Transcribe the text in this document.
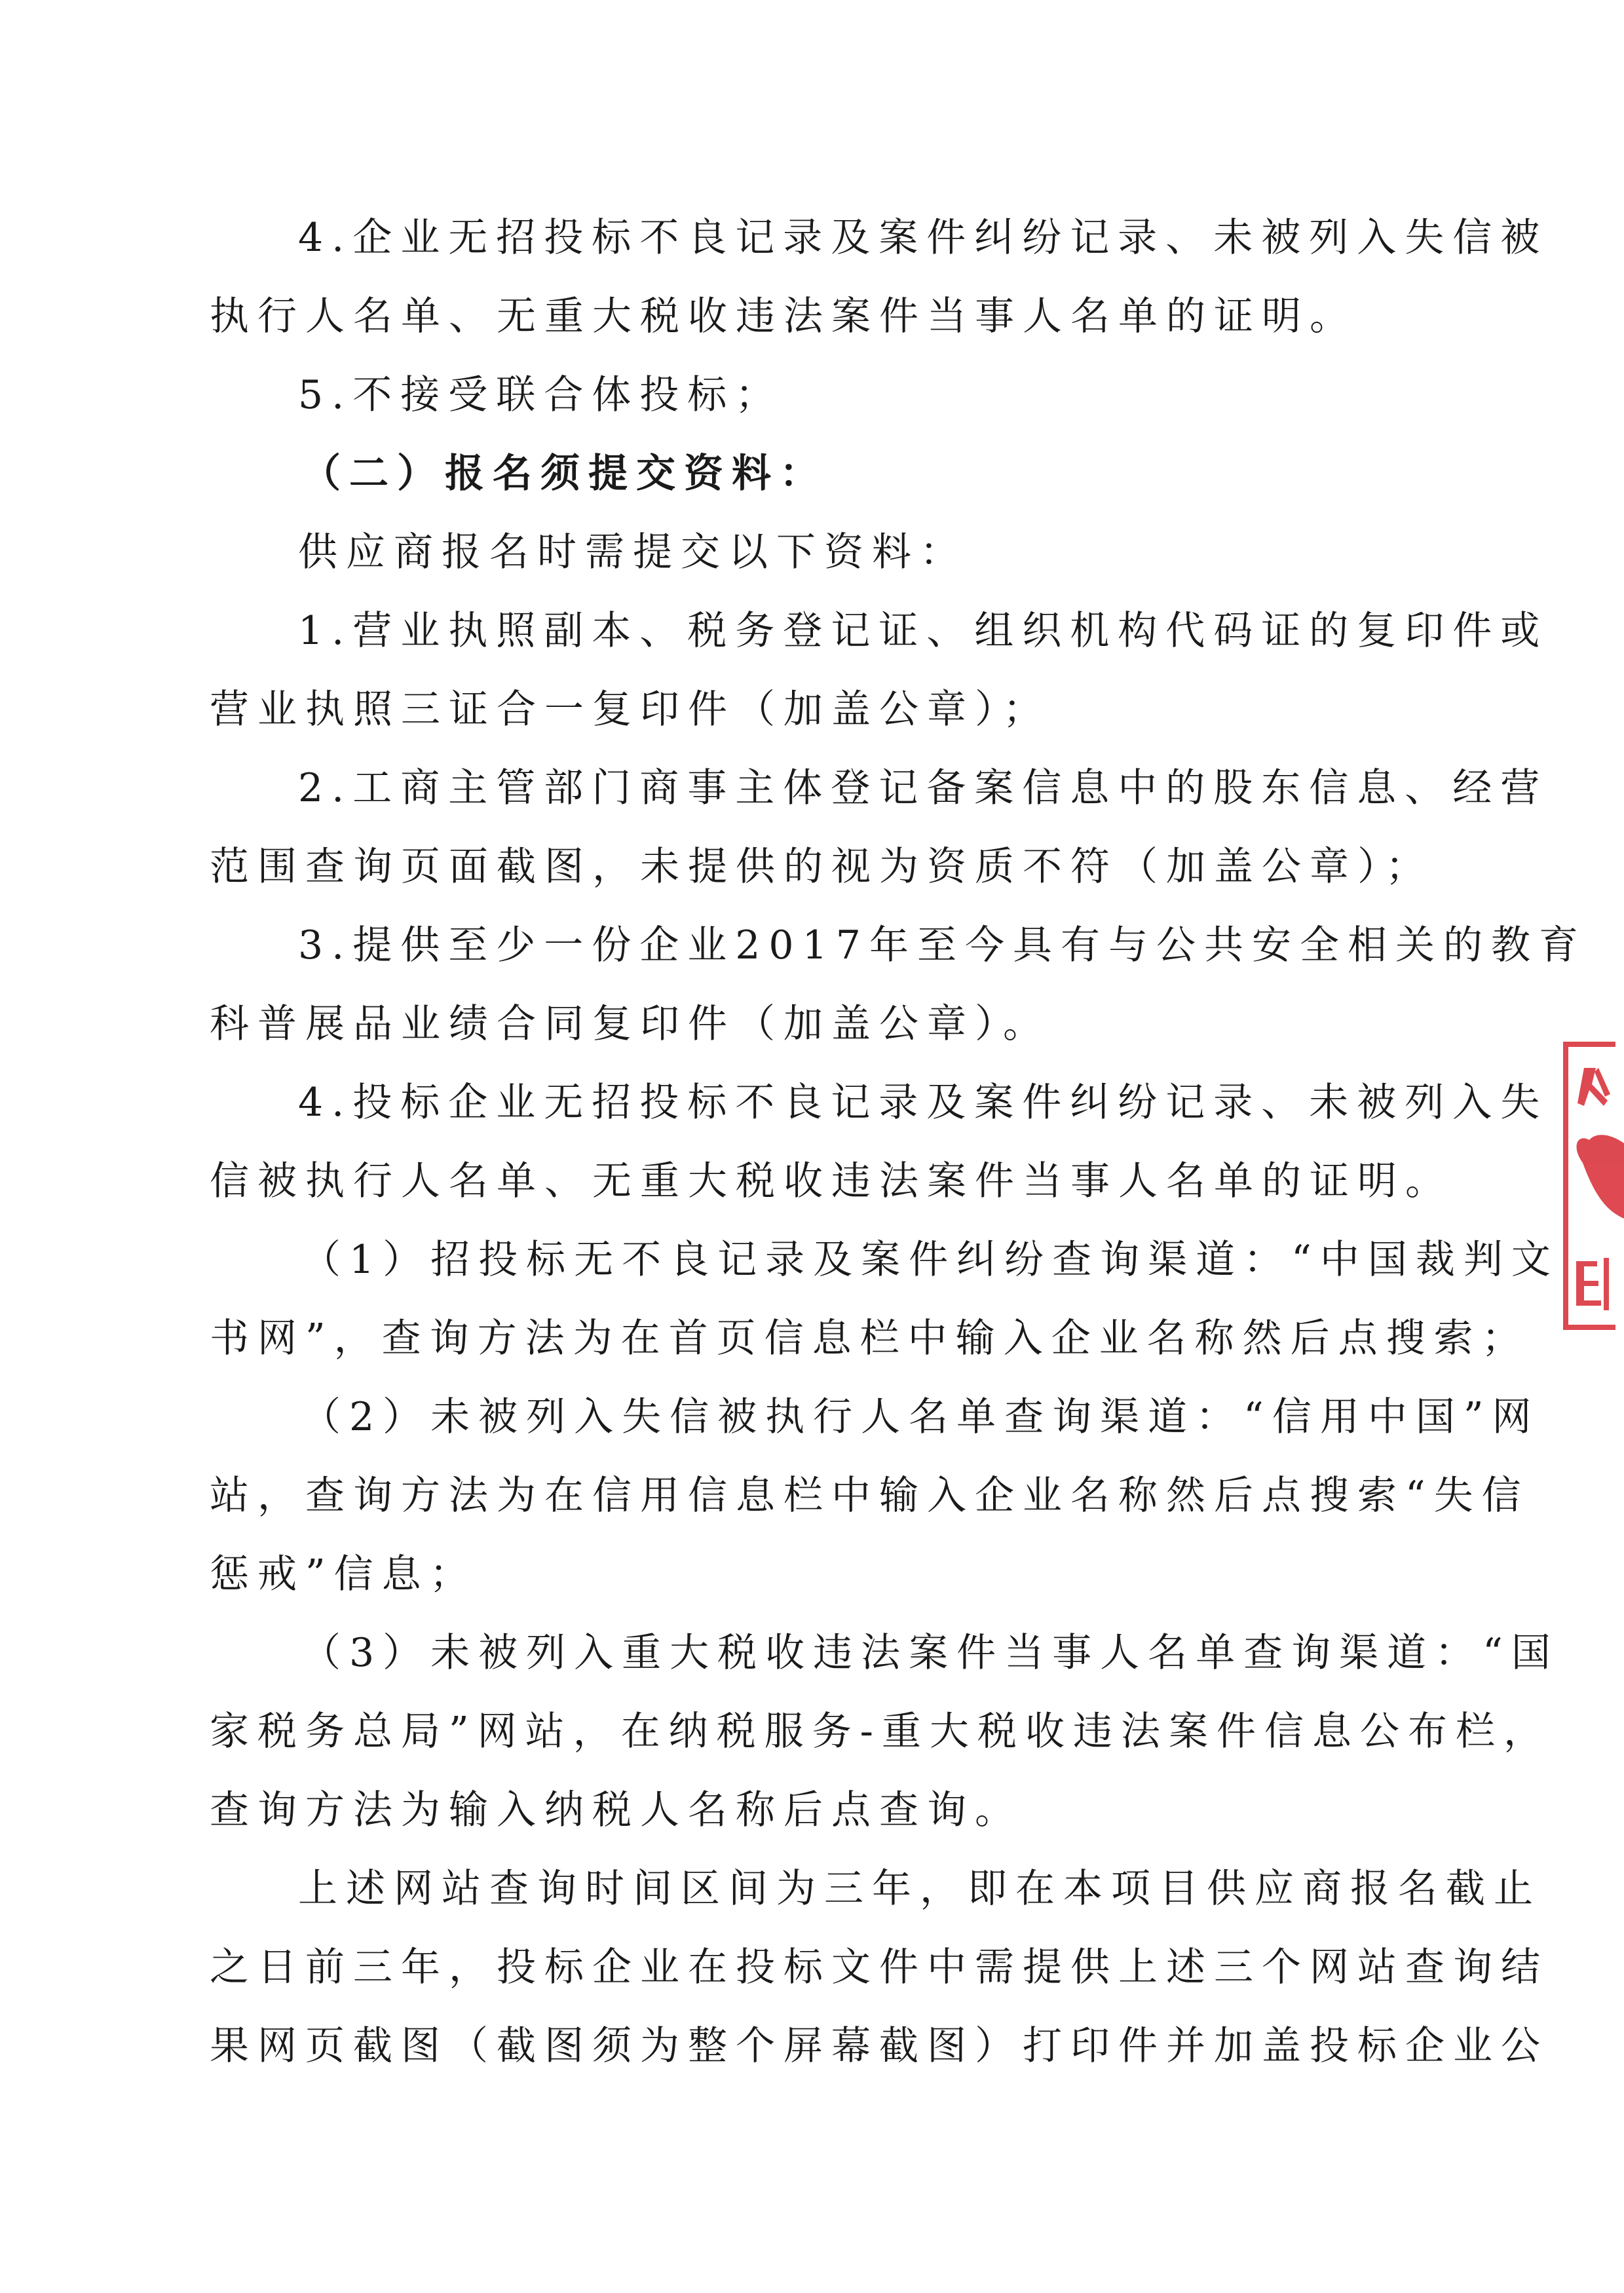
4.企业无招投标不良记录及案件纠纷记录、未被列入失信被
执行人名单、无重大税收违法案件当事人名单的证明。
5.不接受联合体投标；
（二）报名须提交资料：
供应商报名时需提交以下资料：
1.营业执照副本、税务登记证、组织机构代码证的复印件或
营业执照三证合一复印件（加盖公章）；
2.工商主管部门商事主体登记备案信息中的股东信息、经营
范围查询页面截图，未提供的视为资质不符（加盖公章）；
3.提供至少一份企业2017年至今具有与公共安全相关的教育
科普展品业绩合同复印件（加盖公章）。
4.投标企业无招投标不良记录及案件纠纷记录、未被列入失
信被执行人名单、无重大税收违法案件当事人名单的证明。
（1）招投标无不良记录及案件纠纷查询渠道：“中国裁判文
书网”，查询方法为在首页信息栏中输入企业名称然后点搜索；
（2）未被列入失信被执行人名单查询渠道：“信用中国”网
站，查询方法为在信用信息栏中输入企业名称然后点搜索“失信
惩戒”信息；
（3）未被列入重大税收违法案件当事人名单查询渠道：“国
家税务总局”网站，在纳税服务-重大税收违法案件信息公布栏，
查询方法为输入纳税人名称后点查询。
上述网站查询时间区间为三年，即在本项目供应商报名截止
之日前三年，投标企业在投标文件中需提供上述三个网站查询结
果网页截图（截图须为整个屏幕截图）打印件并加盖投标企业公
